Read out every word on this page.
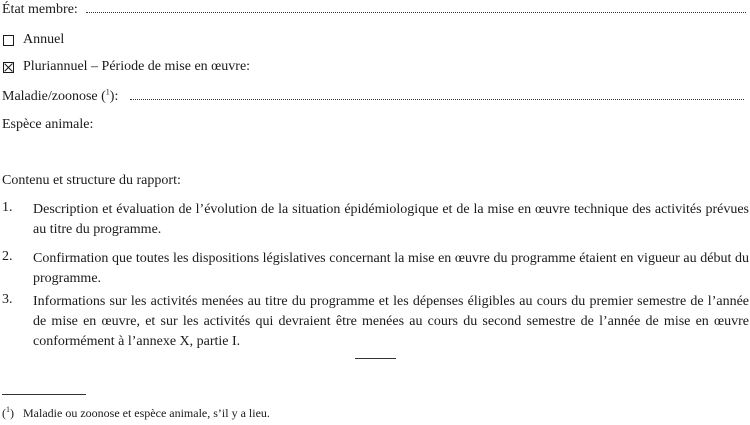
État membre:
Annuel
Pluriannuel – Période de mise en œuvre:
Maladie/zoonose ($^1$):
Espèce animale:
Contenu et structure du rapport:
1. Description et évaluation de l’évolution de la situation épidémiologique et de la mise en œuvre technique des activités prévues au titre du programme.
2. Confirmation que toutes les dispositions législatives concernant la mise en œuvre du programme étaient en vigueur au début du programme.
3. Informations sur les activités menées au titre du programme et les dépenses éligibles au cours du premier semestre de l’année de mise en œuvre, et sur les activités qui devraient être menées au cours du second semestre de l’année de mise en œuvre conformément à l’annexe X, partie I.
($^1$)   Maladie ou zoonose et espèce animale, s’il y a lieu.
